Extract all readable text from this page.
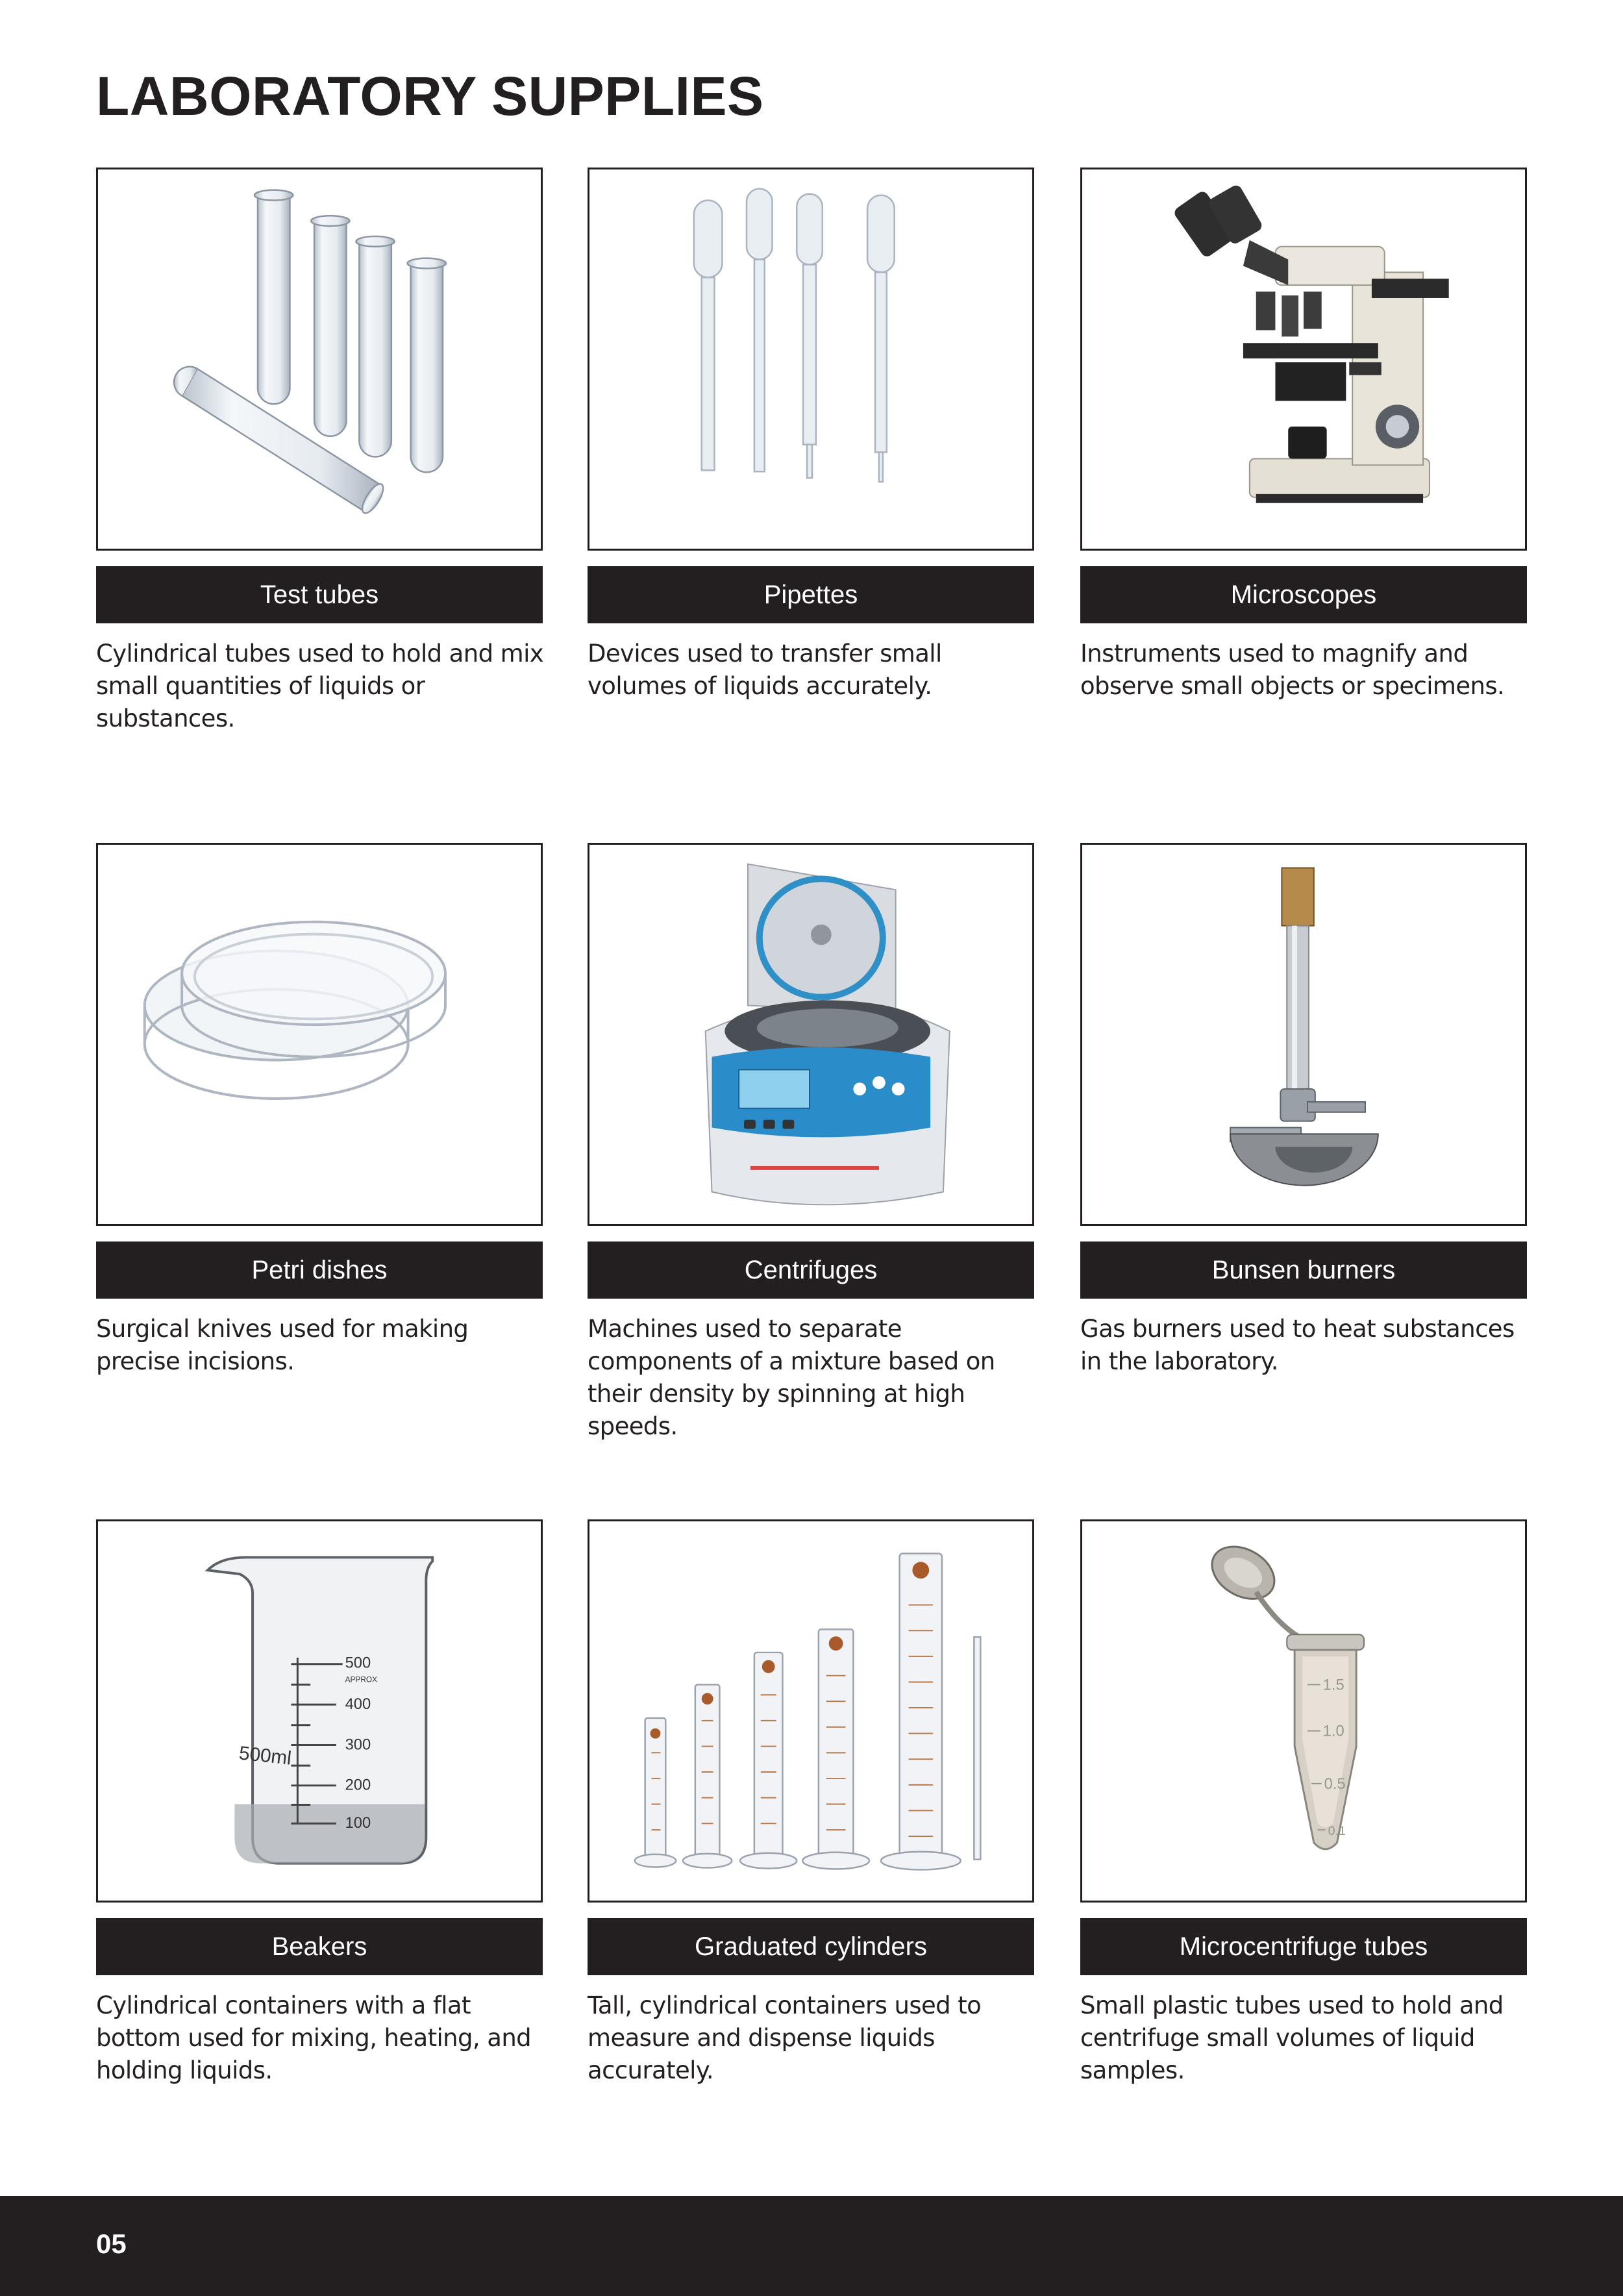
LABORATORY SUPPLIES
Test tubes

Cylindrical tubes used to hold and mix small quantities of liquids or substances.

Pipettes

Devices used to transfer small volumes of liquids accurately.

Microscopes

Instruments used to magnify and observe small objects or specimens.

Petri dishes

Surgical knives used for making precise incisions.

Centrifuges

Machines used to separate components of a mixture based on their density by spinning at high speeds.

Bunsen burners

Gas burners used to heat substances in the laboratory.

500
APPROX
400
300
200
100
500ml
Beakers

Cylindrical containers with a flat bottom used for mixing, heating, and holding liquids.

Graduated cylinders

Tall, cylindrical containers used to measure and dispense liquids accurately.

1.5
1.0
0.5
0.1
Microcentrifuge tubes

Small plastic tubes used to hold and centrifuge small volumes of liquid samples.

05
